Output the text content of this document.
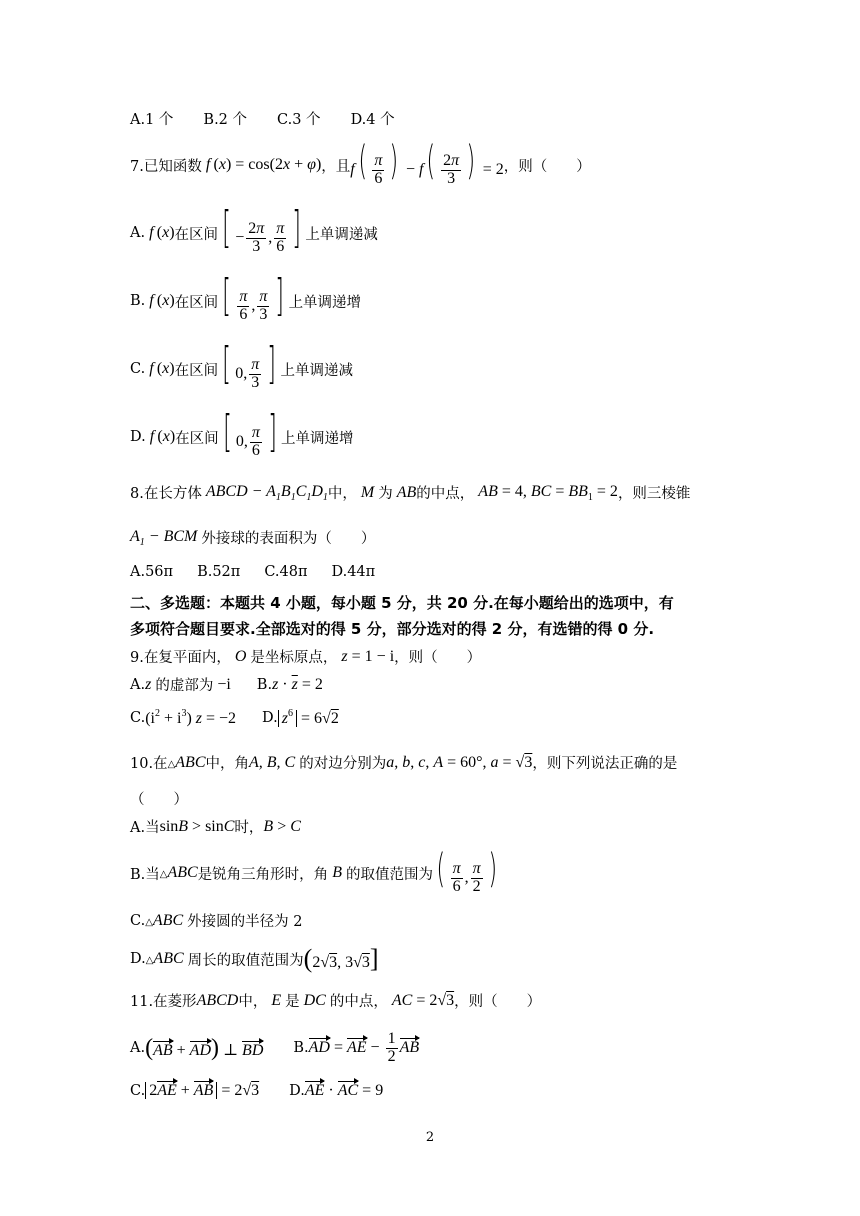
A.1 个 B.2 个 C.3 个 D.4 个
7.已知函数 f (x) = cos(2x + φ) ，且 $f( \frac{\pi}{6}$ ) − $f( \frac{2\pi}{3}$ ) = 2 ，则（　　）
A. f (x) 在区间 [ − $\frac{2\pi}{3}$ , $\frac{\pi}{6}$ ] 上单调递减
B. f (x) 在区间 [ $\frac{\pi}{6}$ , $\frac{\pi}{3}$ ] 上单调递增
C. f (x) 在区间 [ 0, $\frac{\pi}{3}$ ] 上单调递减
D. f (x) 在区间 [ 0, $\frac{\pi}{6}$ ] 上单调递增
8.在长方体 ABCD − $A_1B_1C_1D_1$ 中， M 为 AB 的中点， AB = 4, BC = $BB_1 = 2$ ，则三棱锥
$A_1$ − BCM 外接球的表面积为（　　）
A.56π B.52π C.48π D.44π
二、多选题：本题共 4 小题，每小题 5 分，共 20 分.在每小题给出的选项中，有
多项符合题目要求.全部选对的得 5 分，部分选对的得 2 分，有选错的得 0 分.
9.在复平面内， O 是坐标原点， z = 1 − i ，则（　　）
A. z 的虚部为 −i B. $z \cdot \overline{z} = 2$
C. $(i^2 + i^3) z = -2$ D. $z^6 = 6√2$
10.在 △ABC 中，角 A, B, C 的对边分别为 a, b, c, A = 60°, a = √3 ，则下列说法正确的是
（　　）
A.当 sinB > sinC 时， B > C
B.当 △ABC 是锐角三角形时，角 B 的取值范围为 ( $\frac{\pi}{6}$ , $\frac{\pi}{2}$ )
C. △ABC 外接圆的半径为 2
D. △ABC 周长的取值范围为 (2√3, 3√3]
11.在菱形 ABCD 中， E 是 DC 的中点， AC = 2√3 ，则（　　）
A. (AB + AD) ⊥ BD B. AD = AE − $\frac{1}{2}$ AB
C. 2AE + AB = 2√3 D. AE · AC = 9
2
